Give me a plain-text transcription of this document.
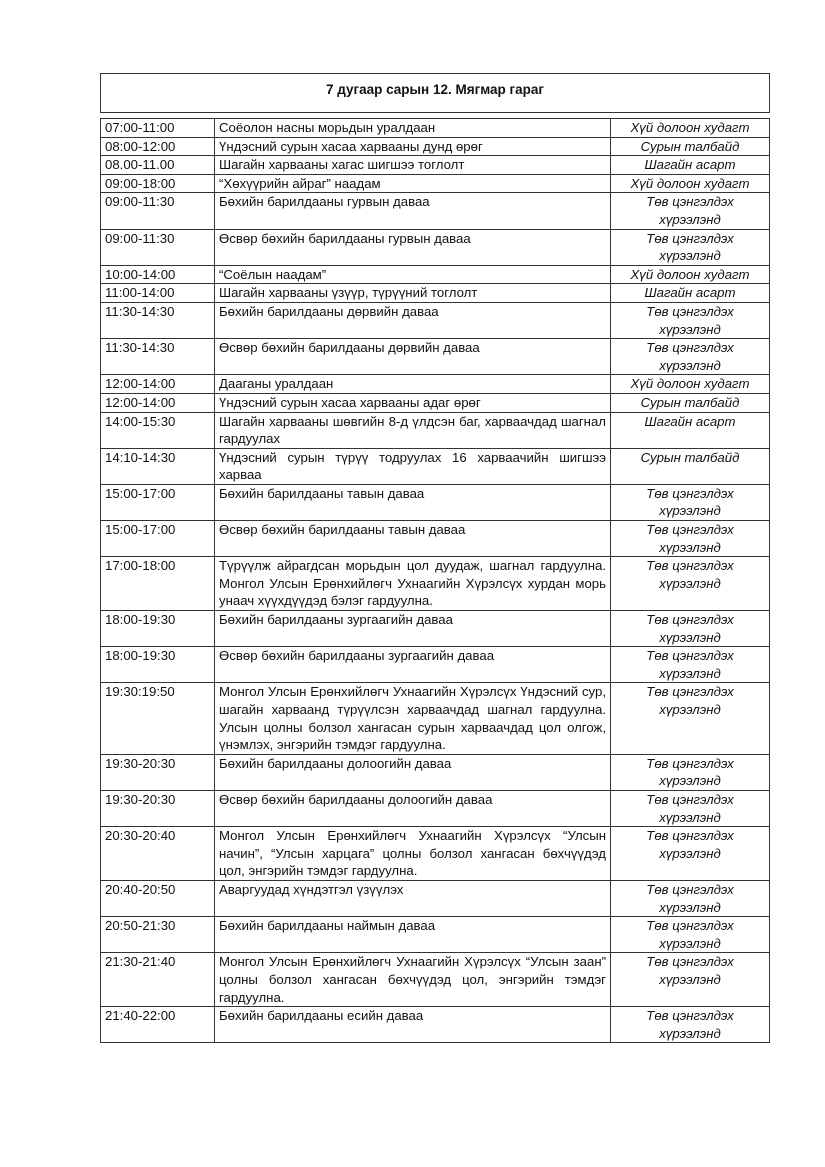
7 дугаар сарын 12. Мягмар гараг
07:00-11:00	Соёолон насны морьдын уралдаан	Хүй долоон худагт
08:00-12:00	Үндэсний сурын хасаа харвааны дунд өрөг	Сурын талбайд
08.00-11.00	Шагайн харвааны хагас шигшээ тоглолт	Шагайн асарт
09:00-18:00	“Хөхүүрийн айраг” наадам	Хүй долоон худагт
09:00-11:30	Бөхийн барилдааны гурвын даваа	Төв цэнгэлдэх хүрээлэнд
09:00-11:30	Өсвөр бөхийн барилдааны гурвын даваа	Төв цэнгэлдэх хүрээлэнд
10:00-14:00	“Соёлын наадам”	Хүй долоон худагт
11:00-14:00	Шагайн харвааны үзүүр, түрүүний тоглолт	Шагайн асарт
11:30-14:30	Бөхийн барилдааны дөрвийн даваа	Төв цэнгэлдэх хүрээлэнд
11:30-14:30	Өсвөр бөхийн барилдааны дөрвийн даваа	Төв цэнгэлдэх хүрээлэнд
12:00-14:00	Дааганы уралдаан	Хүй долоон худагт
12:00-14:00	Үндэсний сурын хасаа харвааны адаг өрөг	Сурын талбайд
14:00-15:30	Шагайн харвааны шөвгийн 8-д үлдсэн баг, харваачдад шагнал гардуулах	Шагайн асарт
14:10-14:30	Үндэсний сурын түрүү тодруулах 16 харваачийн шигшээ харваа	Сурын талбайд
15:00-17:00	Бөхийн барилдааны тавын даваа	Төв цэнгэлдэх хүрээлэнд
15:00-17:00	Өсвөр бөхийн барилдааны тавын даваа	Төв цэнгэлдэх хүрээлэнд
17:00-18:00	Түрүүлж айрагдсан морьдын цол дуудаж, шагнал гардуулна. Монгол Улсын Ерөнхийлөгч Ухнаагийн Хүрэлсүх хурдан морь унаач хүүхдүүдэд бэлэг гардуулна.	Төв цэнгэлдэх хүрээлэнд
18:00-19:30	Бөхийн барилдааны зургаагийн даваа	Төв цэнгэлдэх хүрээлэнд
18:00-19:30	Өсвөр бөхийн барилдааны зургаагийн даваа	Төв цэнгэлдэх хүрээлэнд
19:30:19:50	Монгол Улсын Ерөнхийлөгч Ухнаагийн Хүрэлсүх Үндэсний сур, шагайн харваанд түрүүлсэн харваачдад шагнал гардуулна. Улсын цолны болзол хангасан сурын харваачдад цол олгож, үнэмлэх, энгэрийн тэмдэг гардуулна.	Төв цэнгэлдэх хүрээлэнд
19:30-20:30	Бөхийн барилдааны долоогийн даваа	Төв цэнгэлдэх хүрээлэнд
19:30-20:30	Өсвөр бөхийн барилдааны долоогийн даваа	Төв цэнгэлдэх хүрээлэнд
20:30-20:40	Монгол Улсын Ерөнхийлөгч Ухнаагийн Хүрэлсүх “Улсын начин”, “Улсын харцага” цолны болзол хангасан бөхчүүдэд цол, энгэрийн тэмдэг гардуулна.	Төв цэнгэлдэх хүрээлэнд
20:40-20:50	Аваргуудад хүндэтгэл үзүүлэх	Төв цэнгэлдэх хүрээлэнд
20:50-21:30	Бөхийн барилдааны наймын даваа	Төв цэнгэлдэх хүрээлэнд
21:30-21:40	Монгол Улсын Ерөнхийлөгч Ухнаагийн Хүрэлсүх “Улсын заан” цолны болзол хангасан бөхчүүдэд цол, энгэрийн тэмдэг гардуулна.	Төв цэнгэлдэх хүрээлэнд
21:40-22:00	Бөхийн барилдааны есийн даваа	Төв цэнгэлдэх хүрээлэнд
